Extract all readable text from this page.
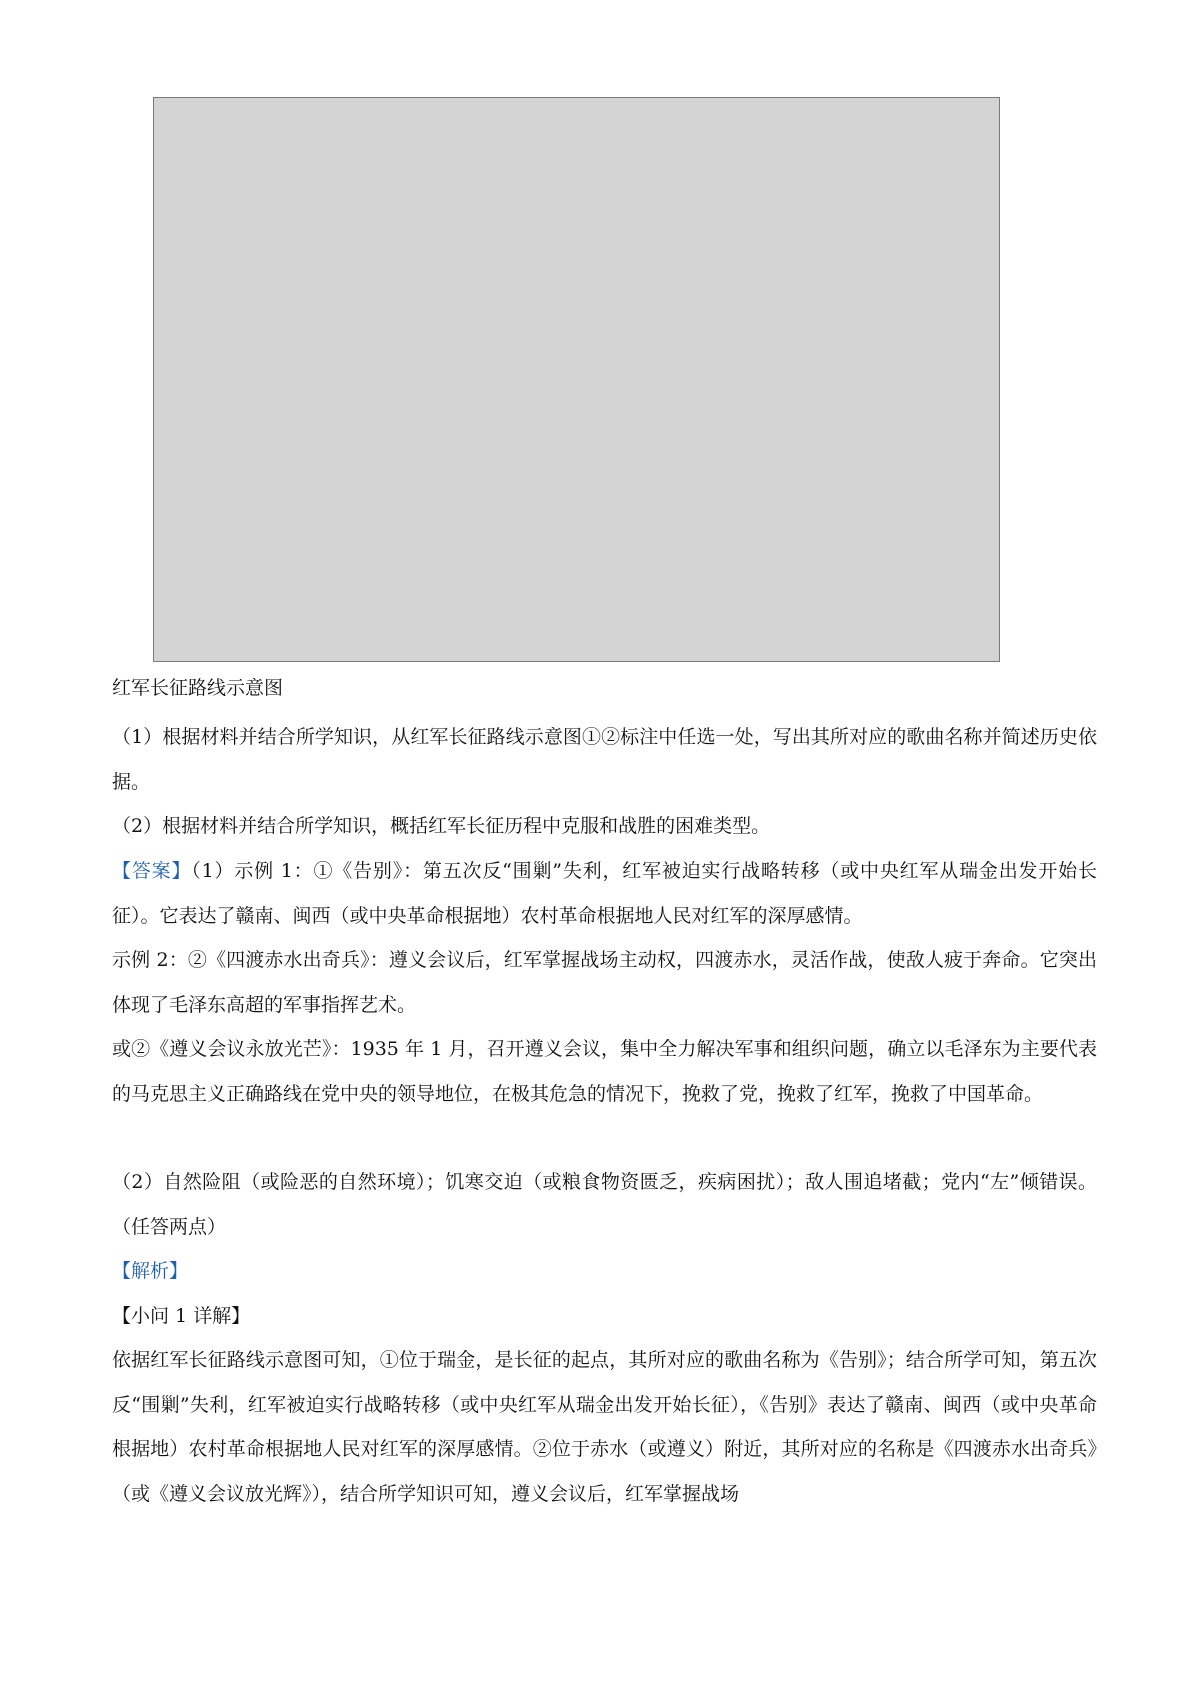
红军长征路线示意图

（1）根据材料并结合所学知识，从红军长征路线示意图①②标注中任选一处，写出其所对应的歌曲名称并简述历史依据。

（2）根据材料并结合所学知识，概括红军长征历程中克服和战胜的困难类型。

【答案】（1）示例 1：①《告别》：第五次反“围剿”失利，红军被迫实行战略转移（或中央红军从瑞金出发开始长征）。它表达了赣南、闽西（或中央革命根据地）农村革命根据地人民对红军的深厚感情。

示例 2：②《四渡赤水出奇兵》：遵义会议后，红军掌握战场主动权，四渡赤水，灵活作战，使敌人疲于奔命。它突出体现了毛泽东高超的军事指挥艺术。

或②《遵义会议永放光芒》：1935 年 1 月，召开遵义会议，集中全力解决军事和组织问题，确立以毛泽东为主要代表的马克思主义正确路线在党中央的领导地位，在极其危急的情况下，挽救了党，挽救了红军，挽救了中国革命。

（2）自然险阻（或险恶的自然环境）；饥寒交迫（或粮食物资匮乏，疾病困扰）；敌人围追堵截；党内“左”倾错误。（任答两点）

【解析】

【小问 1 详解】

依据红军长征路线示意图可知，①位于瑞金，是长征的起点，其所对应的歌曲名称为《告别》；结合所学可知，第五次反“围剿”失利，红军被迫实行战略转移（或中央红军从瑞金出发开始长征），《告别》表达了赣南、闽西（或中央革命根据地）农村革命根据地人民对红军的深厚感情。②位于赤水（或遵义）附近，其所对应的名称是《四渡赤水出奇兵》（或《遵义会议放光辉》），结合所学知识可知，遵义会议后，红军掌握战场
